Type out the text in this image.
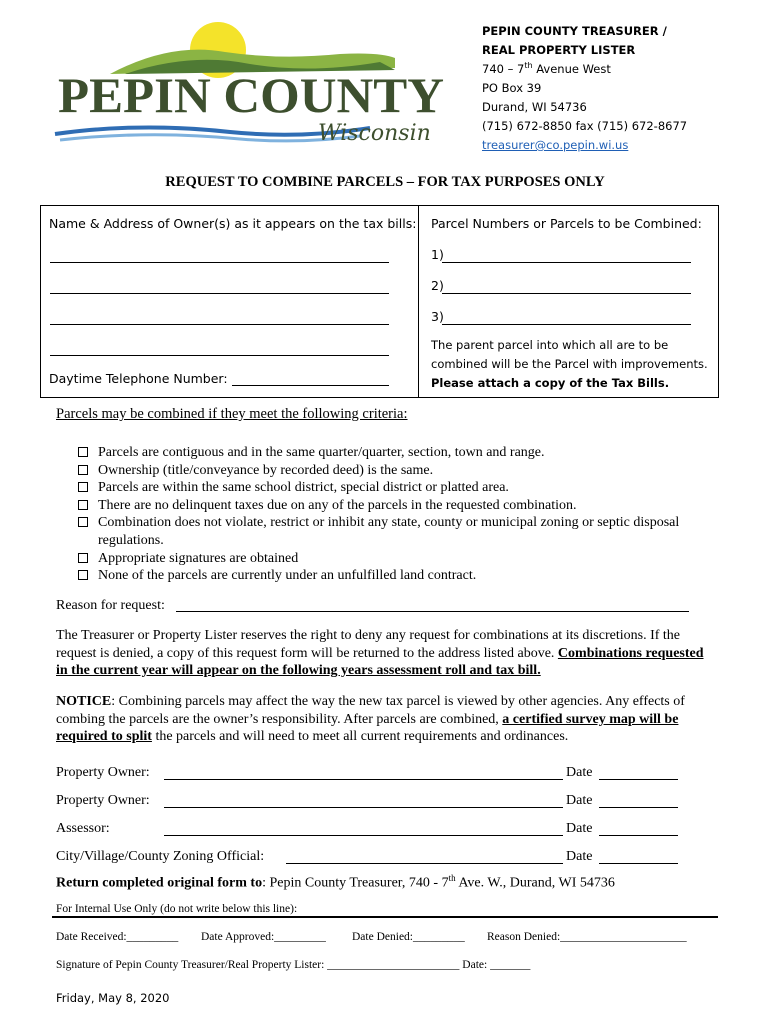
PEPIN COUNTY
Wisconsin
PEPIN COUNTY TREASURER /
REAL PROPERTY LISTER
740 – 7th Avenue West
PO Box 39
Durand, WI 54736
(715) 672-8850 fax (715) 672-8677
treasurer@co.pepin.wi.us
REQUEST TO COMBINE PARCELS – FOR TAX PURPOSES ONLY
Name & Address of Owner(s) as it appears on the tax bills:
Daytime Telephone Number:
Parcel Numbers or Parcels to be Combined:
1)
2)
3)
The parent parcel into which all are to be
combined will be the Parcel with improvements.
Please attach a copy of the Tax Bills.
Parcels may be combined if they meet the following criteria:
Parcels are contiguous and in the same quarter/quarter, section, town and range.
Ownership (title/conveyance by recorded deed) is the same.
Parcels are within the same school district, special district or platted area.
There are no delinquent taxes due on any of the parcels in the requested combination.
Combination does not violate, restrict or inhibit any state, county or municipal zoning or septic disposal regulations.
Appropriate signatures are obtained
None of the parcels are currently under an unfulfilled land contract.
Reason for request:
The Treasurer or Property Lister reserves the right to deny any request for combinations at its discretions. If the request is denied, a copy of this request form will be returned to the address listed above. Combinations requested in the current year will appear on the following years assessment roll and tax bill.
NOTICE: Combining parcels may affect the way the new tax parcel is viewed by other agencies. Any effects of combing the parcels are the owner’s responsibility. After parcels are combined, a certified survey map will be required to split the parcels and will need to meet all current requirements and ordinances.
Property Owner:	Date
Property Owner:	Date
Assessor:	Date
City/Village/County Zoning Official:	Date
Return completed original form to: Pepin County Treasurer, 740 - 7th Ave. W., Durand, WI 54736
For Internal Use Only (do not write below this line):
Date Received:_________ Date Approved:_________ Date Denied:_________ Reason Denied:______________________
Signature of Pepin County Treasurer/Real Property Lister: _______________________ Date: _______
Friday, May 8, 2020
